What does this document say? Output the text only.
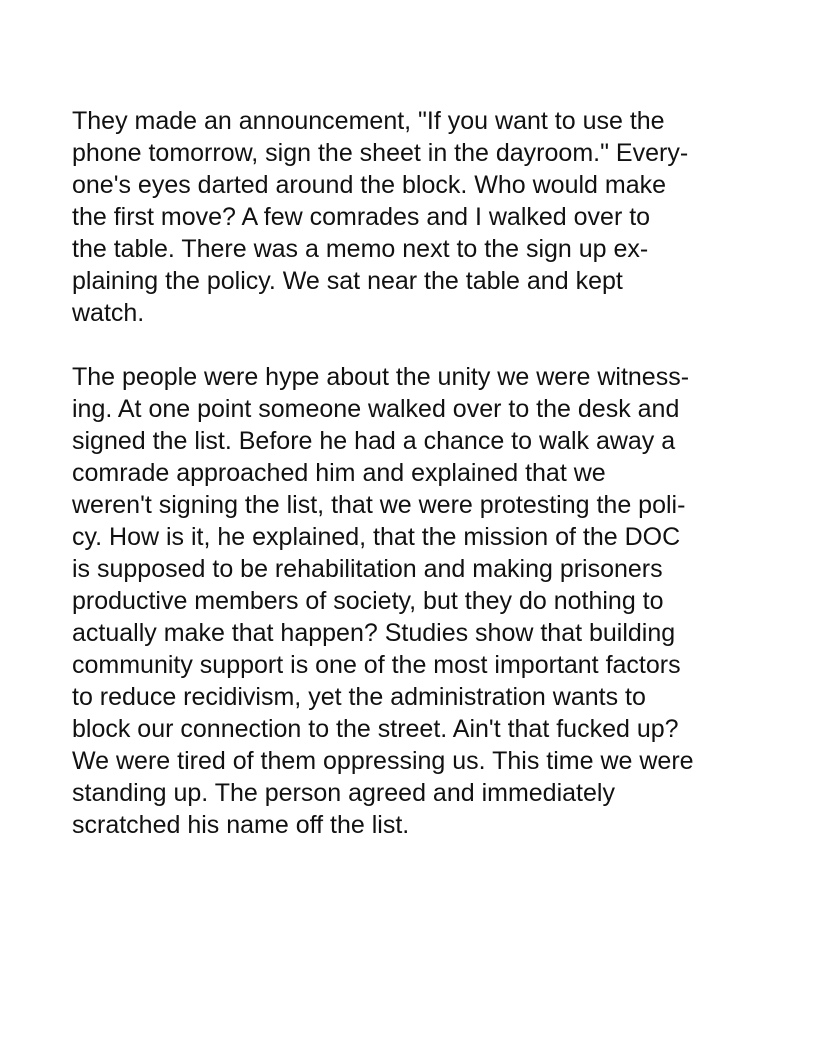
They made an announcement, "If you want to use the
phone tomorrow, sign the sheet in the dayroom." Every-
one's eyes darted around the block. Who would make
the first move? A few comrades and I walked over to
the table. There was a memo next to the sign up ex-
plaining the policy. We sat near the table and kept
watch.

The people were hype about the unity we were witness-
ing. At one point someone walked over to the desk and
signed the list. Before he had a chance to walk away a
comrade approached him and explained that we
weren't signing the list, that we were protesting the poli-
cy. How is it, he explained, that the mission of the DOC
is supposed to be rehabilitation and making prisoners
productive members of society, but they do nothing to
actually make that happen? Studies show that building
community support is one of the most important factors
to reduce recidivism, yet the administration wants to
block our connection to the street. Ain't that fucked up?
We were tired of them oppressing us. This time we were
standing up. The person agreed and immediately
scratched his name off the list.
